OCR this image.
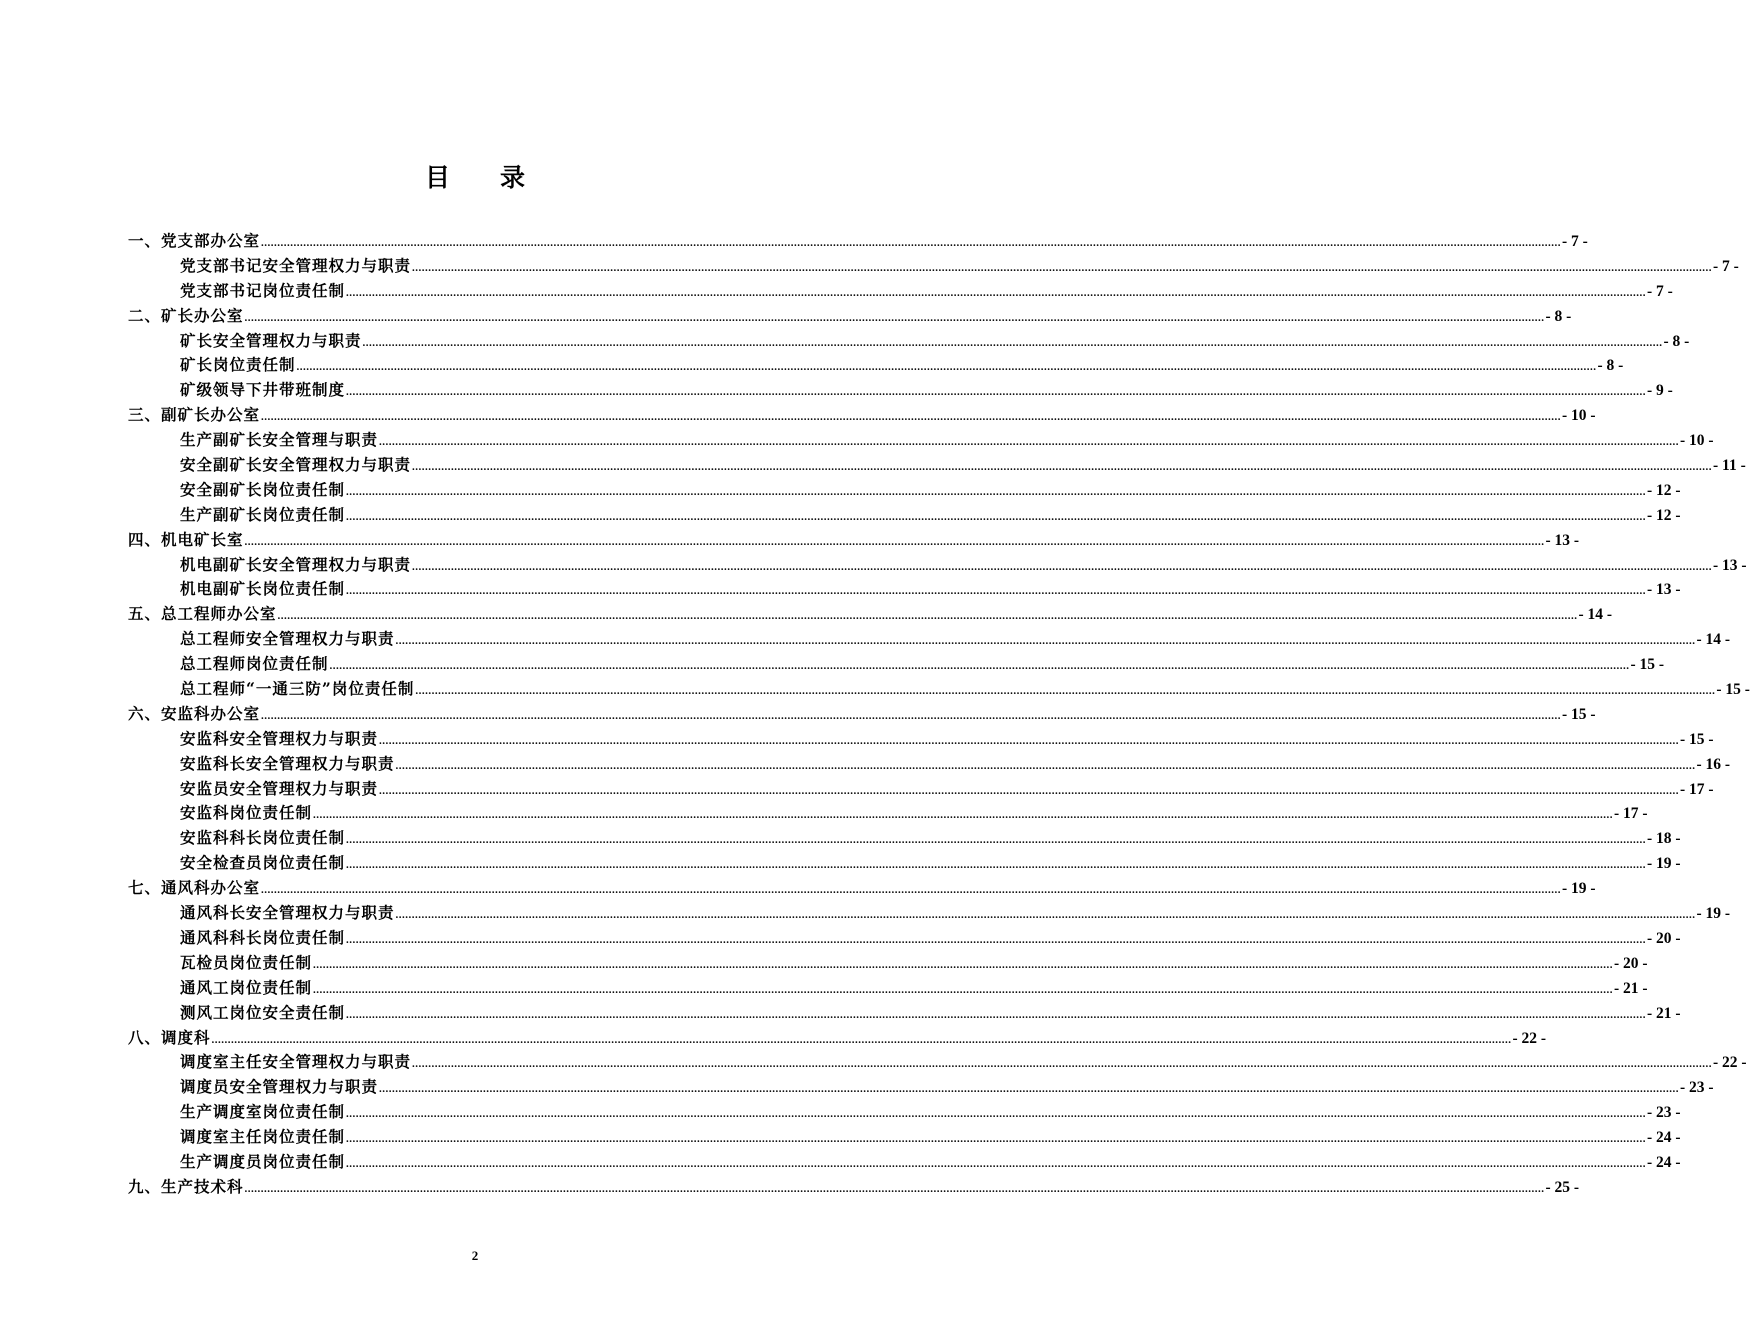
目　　录
一、党支部办公室 ................................................................................................................................................................................................................................................................................................................................................................................................................ - 7 -
党支部书记安全管理权力与职责 ................................................................................................................................................................................................................................................................................................................................................................................................................ - 7 -
党支部书记岗位责任制 ................................................................................................................................................................................................................................................................................................................................................................................................................ - 7 -
二、矿长办公室 ................................................................................................................................................................................................................................................................................................................................................................................................................ - 8 -
矿长安全管理权力与职责 ................................................................................................................................................................................................................................................................................................................................................................................................................ - 8 -
矿长岗位责任制 ................................................................................................................................................................................................................................................................................................................................................................................................................ - 8 -
矿级领导下井带班制度 ................................................................................................................................................................................................................................................................................................................................................................................................................ - 9 -
三、副矿长办公室 ................................................................................................................................................................................................................................................................................................................................................................................................................ - 10 -
生产副矿长安全管理与职责 ................................................................................................................................................................................................................................................................................................................................................................................................................ - 10 -
安全副矿长安全管理权力与职责 ................................................................................................................................................................................................................................................................................................................................................................................................................ - 11 -
安全副矿长岗位责任制 ................................................................................................................................................................................................................................................................................................................................................................................................................ - 12 -
生产副矿长岗位责任制 ................................................................................................................................................................................................................................................................................................................................................................................................................ - 12 -
四、机电矿长室 ................................................................................................................................................................................................................................................................................................................................................................................................................ - 13 -
机电副矿长安全管理权力与职责 ................................................................................................................................................................................................................................................................................................................................................................................................................ - 13 -
机电副矿长岗位责任制 ................................................................................................................................................................................................................................................................................................................................................................................................................ - 13 -
五、总工程师办公室 ................................................................................................................................................................................................................................................................................................................................................................................................................ - 14 -
总工程师安全管理权力与职责 ................................................................................................................................................................................................................................................................................................................................................................................................................ - 14 -
总工程师岗位责任制 ................................................................................................................................................................................................................................................................................................................................................................................................................ - 15 -
总工程师“一通三防”岗位责任制 ................................................................................................................................................................................................................................................................................................................................................................................................................ - 15 -
六、安监科办公室 ................................................................................................................................................................................................................................................................................................................................................................................................................ - 15 -
安监科安全管理权力与职责 ................................................................................................................................................................................................................................................................................................................................................................................................................ - 15 -
安监科长安全管理权力与职责 ................................................................................................................................................................................................................................................................................................................................................................................................................ - 16 -
安监员安全管理权力与职责 ................................................................................................................................................................................................................................................................................................................................................................................................................ - 17 -
安监科岗位责任制 ................................................................................................................................................................................................................................................................................................................................................................................................................ - 17 -
安监科科长岗位责任制 ................................................................................................................................................................................................................................................................................................................................................................................................................ - 18 -
安全检查员岗位责任制 ................................................................................................................................................................................................................................................................................................................................................................................................................ - 19 -
七、通风科办公室 ................................................................................................................................................................................................................................................................................................................................................................................................................ - 19 -
通风科长安全管理权力与职责 ................................................................................................................................................................................................................................................................................................................................................................................................................ - 19 -
通风科科长岗位责任制 ................................................................................................................................................................................................................................................................................................................................................................................................................ - 20 -
瓦检员岗位责任制 ................................................................................................................................................................................................................................................................................................................................................................................................................ - 20 -
通风工岗位责任制 ................................................................................................................................................................................................................................................................................................................................................................................................................ - 21 -
测风工岗位安全责任制 ................................................................................................................................................................................................................................................................................................................................................................................................................ - 21 -
八、调度科 ................................................................................................................................................................................................................................................................................................................................................................................................................ - 22 -
调度室主任安全管理权力与职责 ................................................................................................................................................................................................................................................................................................................................................................................................................ - 22 -
调度员安全管理权力与职责 ................................................................................................................................................................................................................................................................................................................................................................................................................ - 23 -
生产调度室岗位责任制 ................................................................................................................................................................................................................................................................................................................................................................................................................ - 23 -
调度室主任岗位责任制 ................................................................................................................................................................................................................................................................................................................................................................................................................ - 24 -
生产调度员岗位责任制 ................................................................................................................................................................................................................................................................................................................................................................................................................ - 24 -
九、生产技术科 ................................................................................................................................................................................................................................................................................................................................................................................................................ - 25 -
2
